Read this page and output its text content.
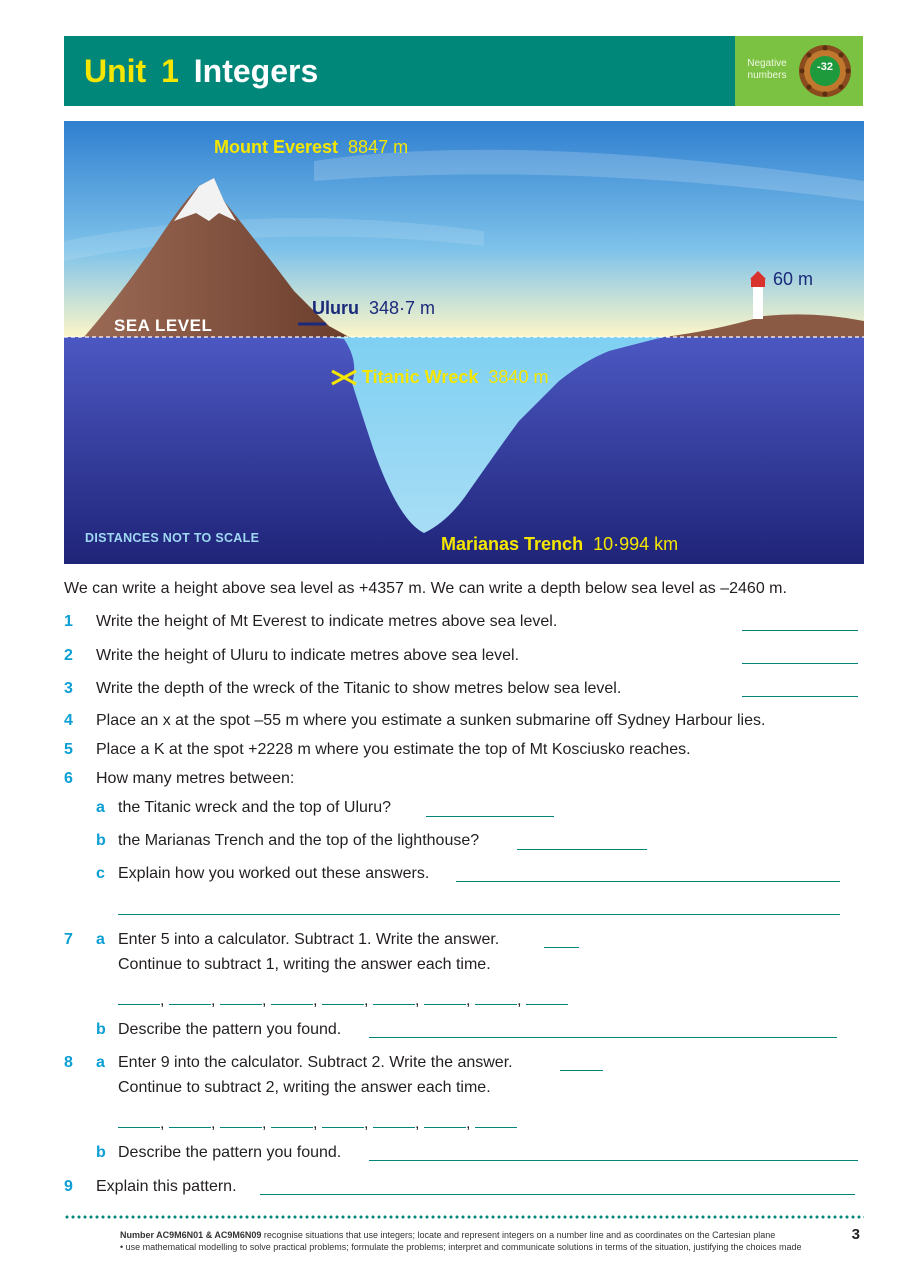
Unit 1 Integers	Negative numbers
-32
Mount Everest 8847 m
Uluru 348·7 m
60 m
SEA LEVEL
Titanic Wreck 3840 m
Marianas Trench 10·994 km
DISTANCES NOT TO SCALE
We can write a height above sea level as +4357 m. We can write a depth below sea level as –2460 m.
1	Write the height of Mt Everest to indicate metres above sea level.
2	Write the height of Uluru to indicate metres above sea level.
3	Write the depth of the wreck of the Titanic to show metres below sea level.
4	Place an x at the spot –55 m where you estimate a sunken submarine off Sydney Harbour lies.
5	Place a K at the spot +2228 m where you estimate the top of Mt Kosciusko reaches.
6	How many metres between:
a the Titanic wreck and the top of Uluru?
b the Marianas Trench and the top of the lighthouse?
c Explain how you worked out these answers.
7	a Enter 5 into a calculator. Subtract 1. Write the answer.
Continue to subtract 1, writing the answer each time.
,	,	,	,	,	,	,	,
b Describe the pattern you found.
8	a Enter 9 into the calculator. Subtract 2. Write the answer.
Continue to subtract 2, writing the answer each time.
,	,	,	,	,	,	,
b Describe the pattern you found.
9	Explain this pattern.
Number AC9M6N01 & AC9M6N09 recognise situations that use integers; locate and represent integers on a number line and as coordinates on the Cartesian plane
• use mathematical modelling to solve practical problems; formulate the problems; interpret and communicate solutions in terms of the situation, justifying the choices made
3
